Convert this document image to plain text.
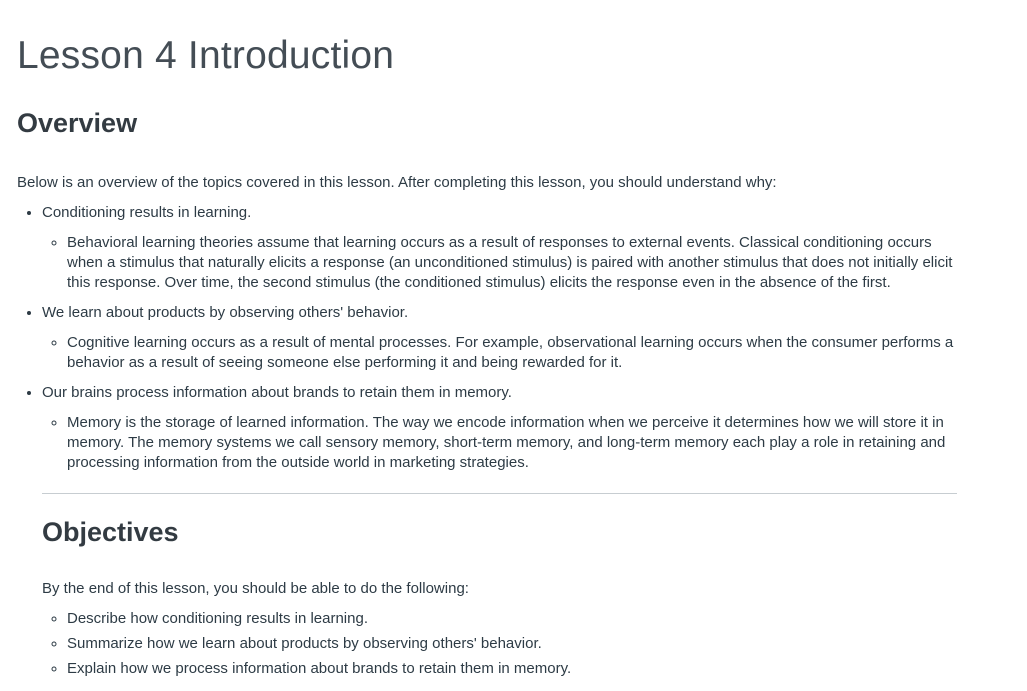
Lesson 4 Introduction
Overview

Below is an overview of the topics covered in this lesson. After completing this lesson, you should understand why:

• Conditioning results in learning.
◦ Behavioral learning theories assume that learning occurs as a result of responses to external events. Classical conditioning occurs when a stimulus that naturally elicits a response (an unconditioned stimulus) is paired with another stimulus that does not initially elicit this response. Over time, the second stimulus (the conditioned stimulus) elicits the response even in the absence of the first.
• We learn about products by observing others' behavior.
◦ Cognitive learning occurs as a result of mental processes. For example, observational learning occurs when the consumer performs a behavior as a result of seeing someone else performing it and being rewarded for it.
• Our brains process information about brands to retain them in memory.
◦ Memory is the storage of learned information. The way we encode information when we perceive it determines how we will store it in memory. The memory systems we call sensory memory, short-term memory, and long-term memory each play a role in retaining and processing information from the outside world in marketing strategies.
Objectives

By the end of this lesson, you should be able to do the following:

◦ Describe how conditioning results in learning.
◦ Summarize how we learn about products by observing others' behavior.
◦ Explain how we process information about brands to retain them in memory.
